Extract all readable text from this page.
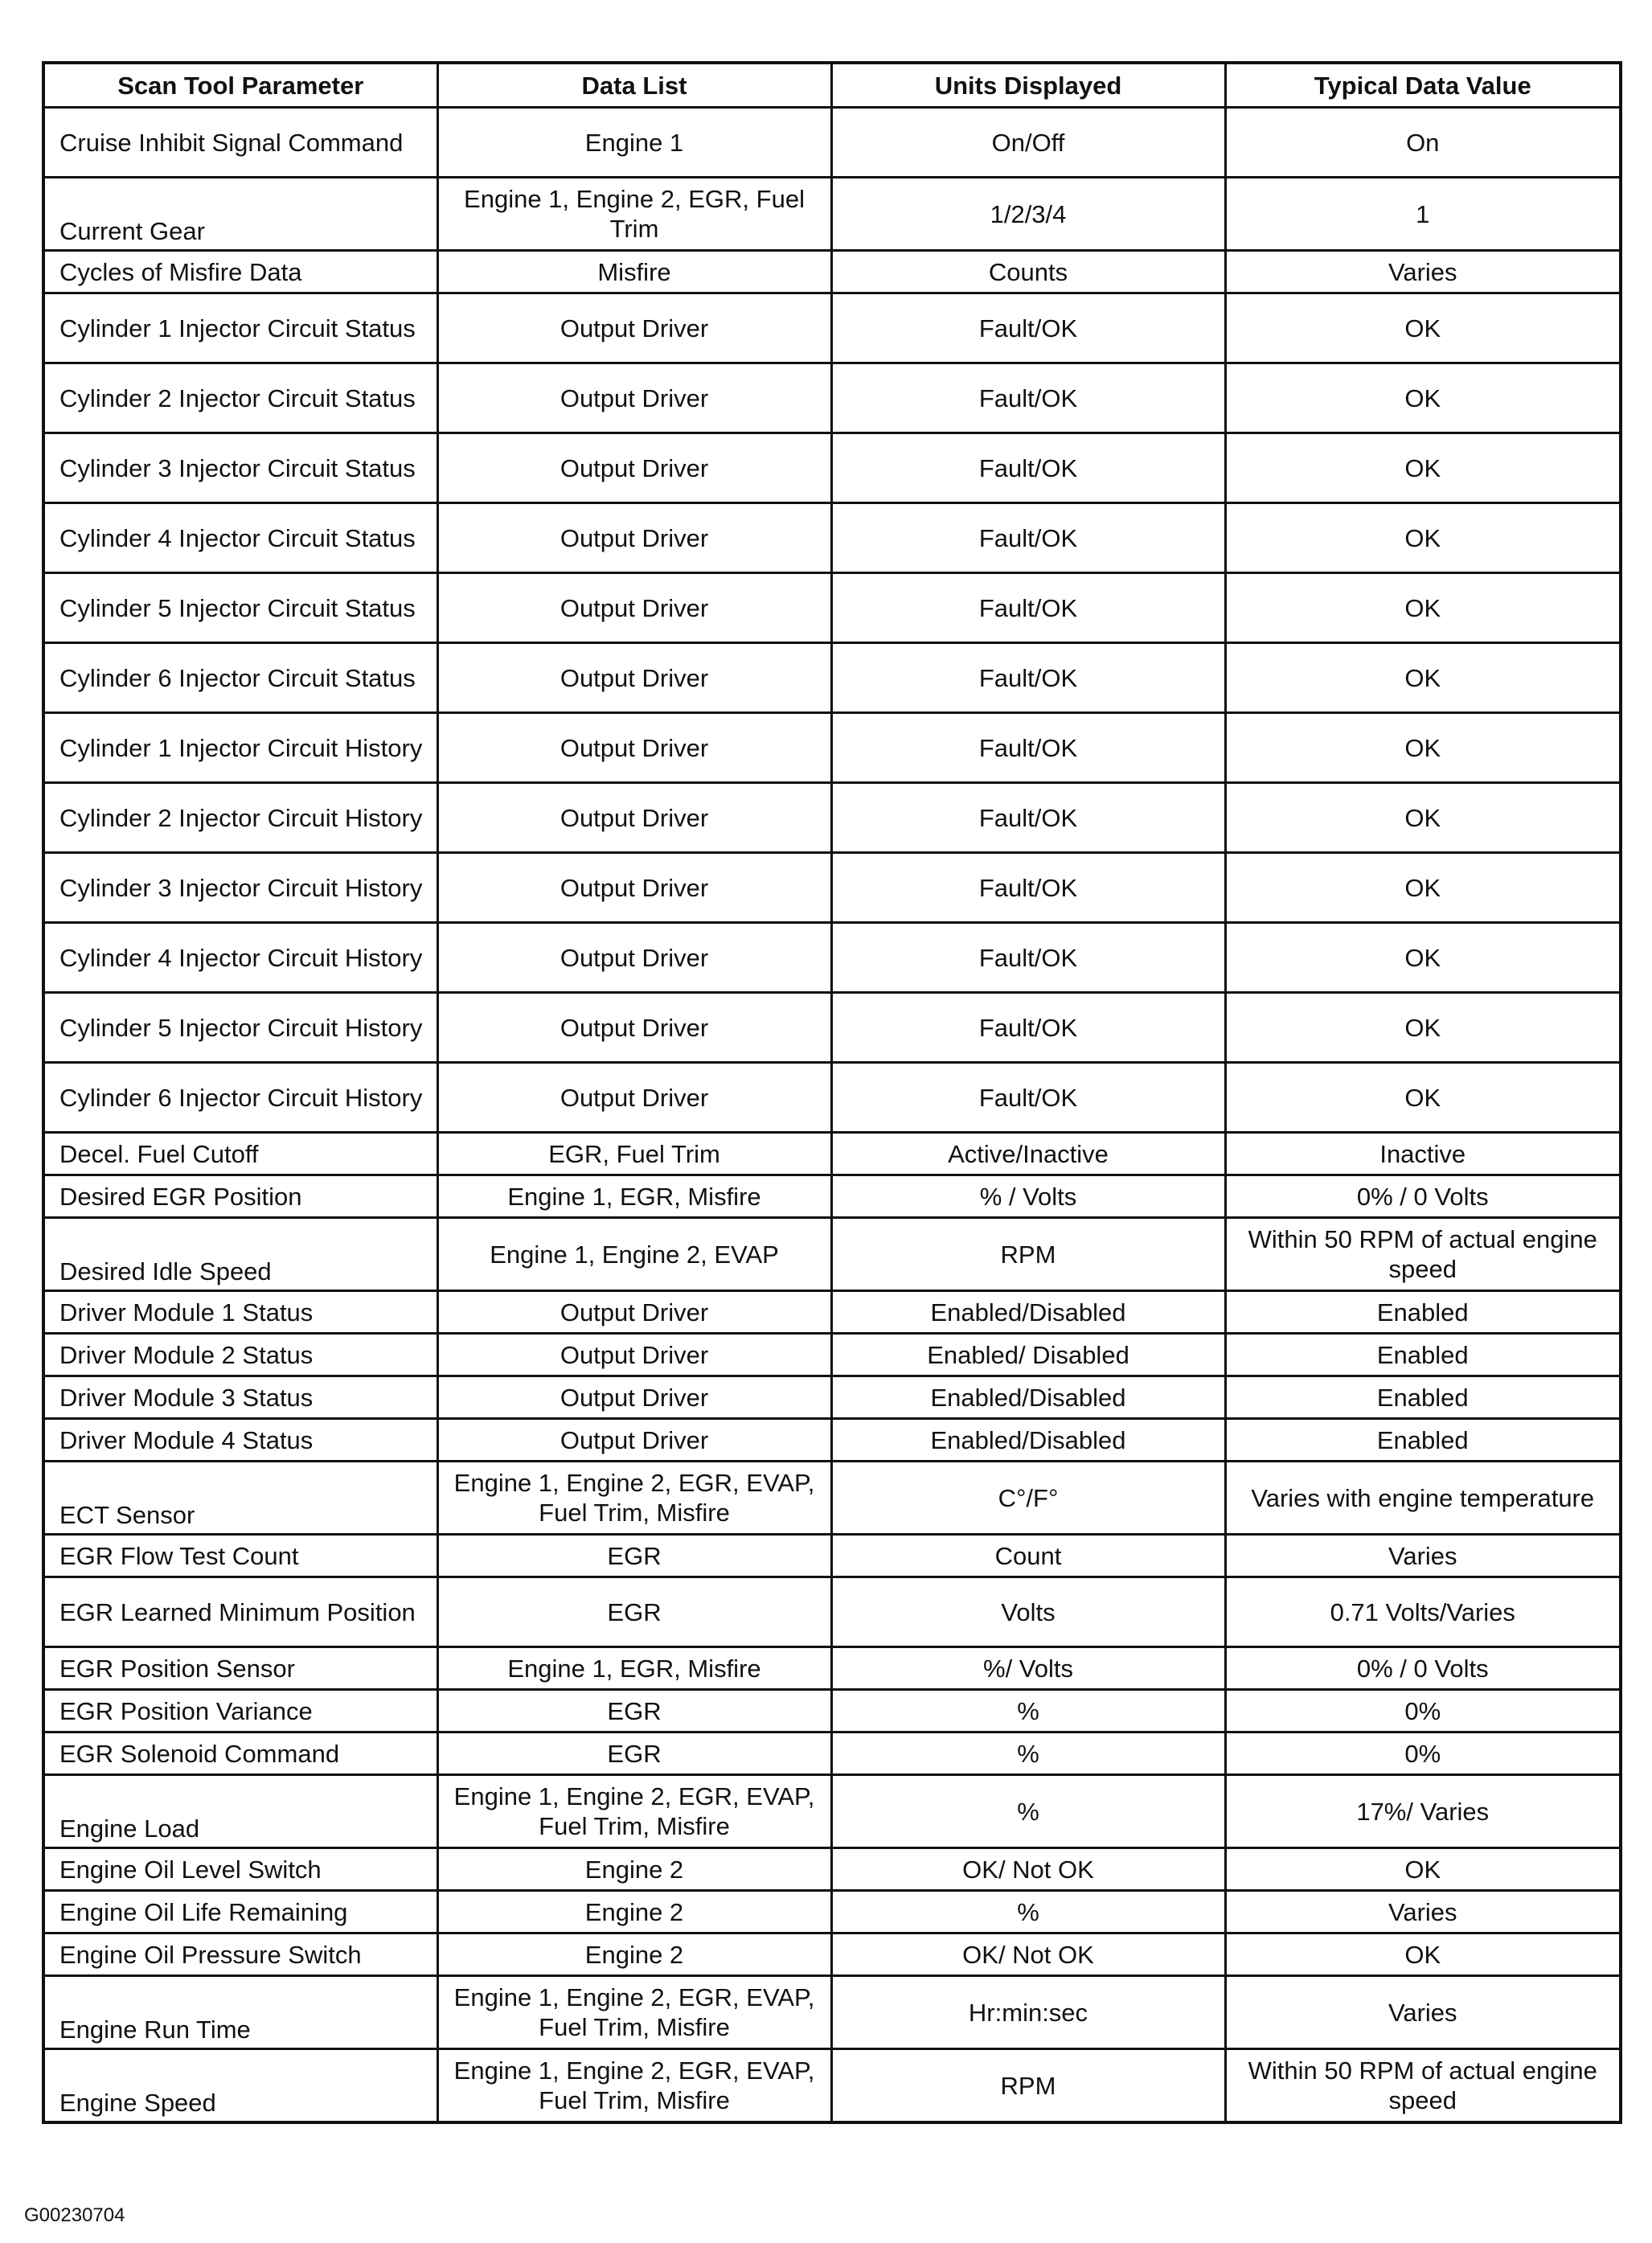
Scan Tool Parameter	Data List	Units Displayed	Typical Data Value
Cruise Inhibit Signal Command	Engine 1	On/Off	On
Current Gear	Engine 1, Engine 2, EGR, Fuel Trim	1/2/3/4	1
Cycles of Misfire Data	Misfire	Counts	Varies
Cylinder 1 Injector Circuit Status	Output Driver	Fault/OK	OK
Cylinder 2 Injector Circuit Status	Output Driver	Fault/OK	OK
Cylinder 3 Injector Circuit Status	Output Driver	Fault/OK	OK
Cylinder 4 Injector Circuit Status	Output Driver	Fault/OK	OK
Cylinder 5 Injector Circuit Status	Output Driver	Fault/OK	OK
Cylinder 6 Injector Circuit Status	Output Driver	Fault/OK	OK
Cylinder 1 Injector Circuit History	Output Driver	Fault/OK	OK
Cylinder 2 Injector Circuit History	Output Driver	Fault/OK	OK
Cylinder 3 Injector Circuit History	Output Driver	Fault/OK	OK
Cylinder 4 Injector Circuit History	Output Driver	Fault/OK	OK
Cylinder 5 Injector Circuit History	Output Driver	Fault/OK	OK
Cylinder 6 Injector Circuit History	Output Driver	Fault/OK	OK
Decel. Fuel Cutoff	EGR, Fuel Trim	Active/Inactive	Inactive
Desired EGR Position	Engine 1, EGR, Misfire	% / Volts	0% / 0 Volts
Desired Idle Speed	Engine 1, Engine 2, EVAP	RPM	Within 50 RPM of actual engine speed
Driver Module 1 Status	Output Driver	Enabled/Disabled	Enabled
Driver Module 2 Status	Output Driver	Enabled/ Disabled	Enabled
Driver Module 3 Status	Output Driver	Enabled/Disabled	Enabled
Driver Module 4 Status	Output Driver	Enabled/Disabled	Enabled
ECT Sensor	Engine 1, Engine 2, EGR, EVAP, Fuel Trim, Misfire	C°/F°	Varies with engine temperature
EGR Flow Test Count	EGR	Count	Varies
EGR Learned Minimum Position	EGR	Volts	0.71 Volts/Varies
EGR Position Sensor	Engine 1, EGR, Misfire	%/ Volts	0% / 0 Volts
EGR Position Variance	EGR	%	0%
EGR Solenoid Command	EGR	%	0%
Engine Load	Engine 1, Engine 2, EGR, EVAP, Fuel Trim, Misfire	%	17%/ Varies
Engine Oil Level Switch	Engine 2	OK/ Not OK	OK
Engine Oil Life Remaining	Engine 2	%	Varies
Engine Oil Pressure Switch	Engine 2	OK/ Not OK	OK
Engine Run Time	Engine 1, Engine 2, EGR, EVAP, Fuel Trim, Misfire	Hr:min:sec	Varies
Engine Speed	Engine 1, Engine 2, EGR, EVAP, Fuel Trim, Misfire	RPM	Within 50 RPM of actual engine speed
G00230704
